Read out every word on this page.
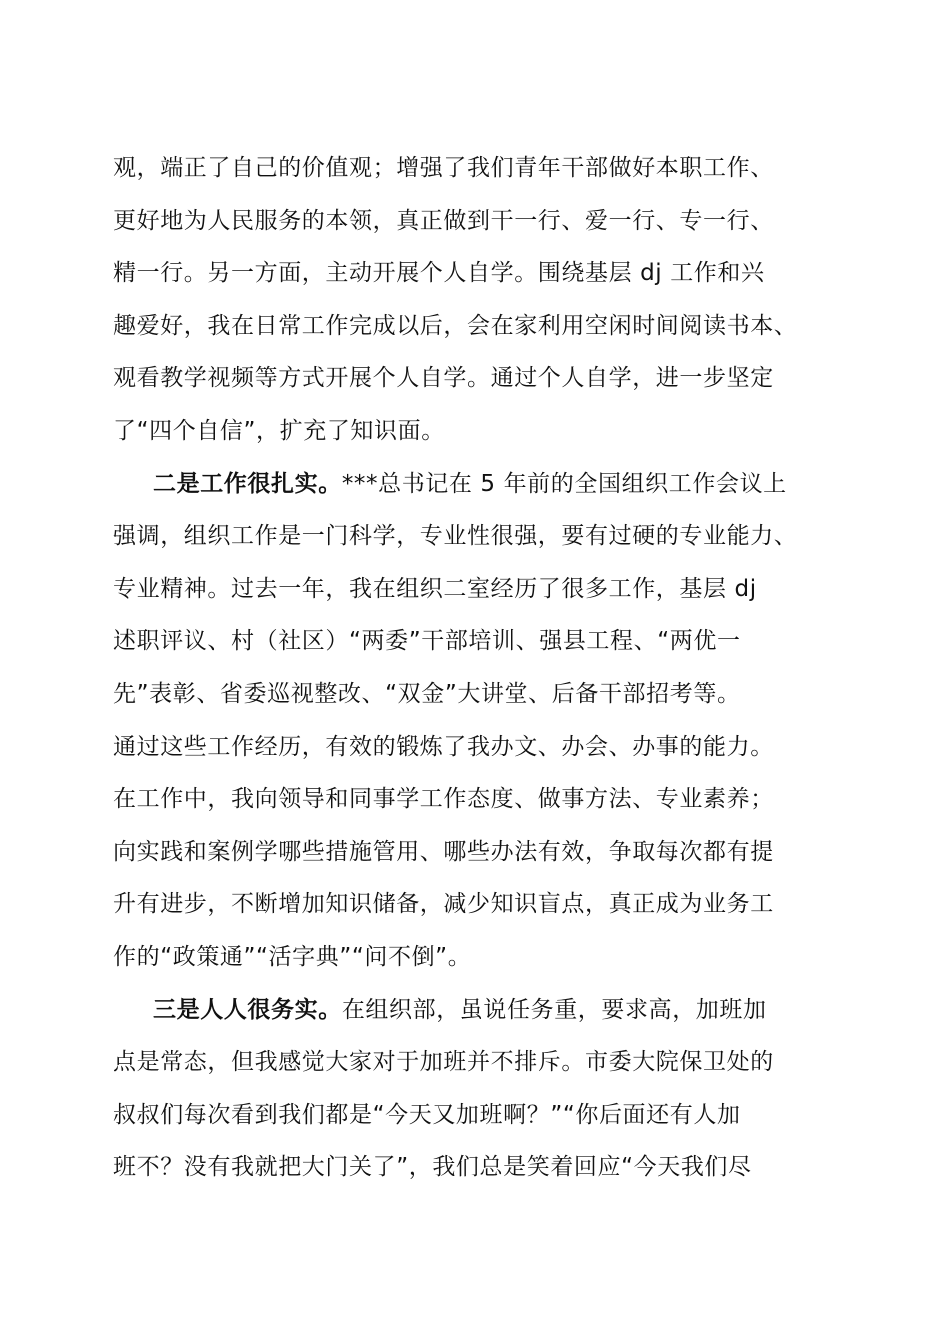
观，端正了自己的价值观；增强了我们青年干部做好本职工作、
更好地为人民服务的本领，真正做到干一行、爱一行、专一行、
精一行。另一方面，主动开展个人自学。围绕基层 dj 工作和兴
趣爱好，我在日常工作完成以后，会在家利用空闲时间阅读书本、
观看教学视频等方式开展个人自学。通过个人自学，进一步坚定
了“四个自信”，扩充了知识面。
二是工作很扎实。***总书记在 5 年前的全国组织工作会议上
强调，组织工作是一门科学，专业性很强，要有过硬的专业能力、
专业精神。过去一年，我在组织二室经历了很多工作，基层 dj
述职评议、村（社区）“两委”干部培训、强县工程、“两优一
先”表彰、省委巡视整改、“双金”大讲堂、后备干部招考等。
通过这些工作经历，有效的锻炼了我办文、办会、办事的能力。
在工作中，我向领导和同事学工作态度、做事方法、专业素养；
向实践和案例学哪些措施管用、哪些办法有效，争取每次都有提
升有进步，不断增加知识储备，减少知识盲点，真正成为业务工
作的“政策通”“活字典”“问不倒”。
三是人人很务实。在组织部，虽说任务重，要求高，加班加
点是常态，但我感觉大家对于加班并不排斥。市委大院保卫处的
叔叔们每次看到我们都是“今天又加班啊？”“你后面还有人加
班不？没有我就把大门关了”，我们总是笑着回应“今天我们尽
